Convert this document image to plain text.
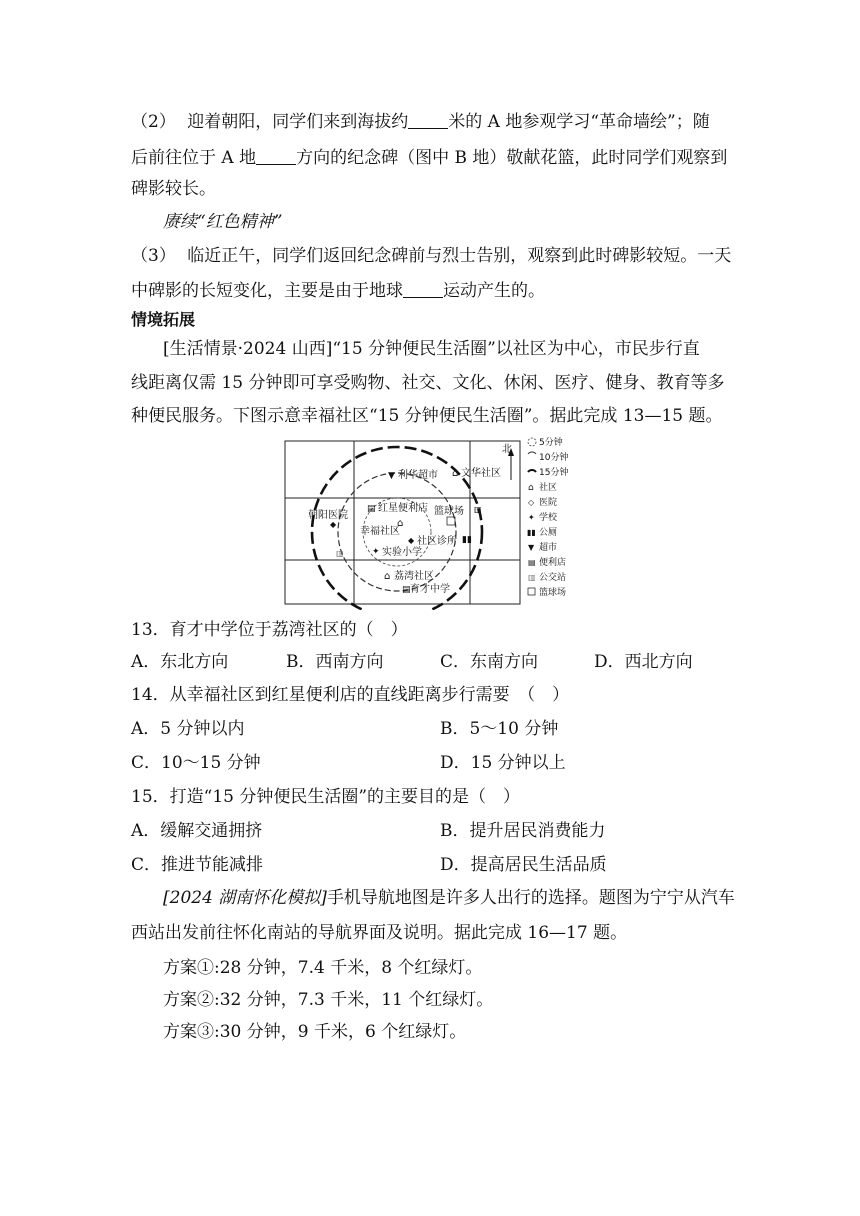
（2） 迎着朝阳，同学们来到海拔约 米的 A 地参观学习“革命墙绘”；随
后前往位于 A 地 方向的纪念碑（图中 B 地）敬献花篮，此时同学们观察到
碑影较长。
赓续“红色精神”
（3） 临近正午，同学们返回纪念碑前与烈士告别，观察到此时碑影较短。一天
中碑影的长短变化，主要是由于地球 运动产生的。
情境拓展
[生活情景·2024 山西]“15 分钟便民生活圈”以社区为中心，市民步行直
线距离仅需 15 分钟即可享受购物、社交、文化、休闲、医疗、健身、教育等多
种便民服务。下图示意幸福社区“15 分钟便民生活圈”。据此完成 13—15 题。
北
▼ 利华超市 ⌂ 文华社区
朝阳医院
◆
▤ 红星便利店 篮球场 ▥
⌂
幸福社区
◆ 社区诊所 ▮▮
✦ 实验小学
▥
⌂ 荔湾社区
▤ 育才中学
5分钟
10分钟
15分钟
⌂ 社区
◇ 医院
✦ 学校
▮▮ 公厕
▼ 超市
▤ 便利店
▥ 公交站
篮球场
13．育才中学位于荔湾社区的（　）
A．东北方向	B．西南方向	C．东南方向	D．西北方向
14．从幸福社区到红星便利店的直线距离步行需要　（　）
A．5 分钟以内	B．5～10 分钟
C．10～15 分钟	D．15 分钟以上
15．打造“15 分钟便民生活圈”的主要目的是（　）
A．缓解交通拥挤	B．提升居民消费能力
C．推进节能减排	D．提高居民生活品质
[2024 湖南怀化模拟]手机导航地图是许多人出行的选择。题图为宁宁从汽车
西站出发前往怀化南站的导航界面及说明。据此完成 16—17 题。
方案①:28 分钟，7.4 千米，8 个红绿灯。
方案②:32 分钟，7.3 千米，11 个红绿灯。
方案③:30 分钟，9 千米，6 个红绿灯。
